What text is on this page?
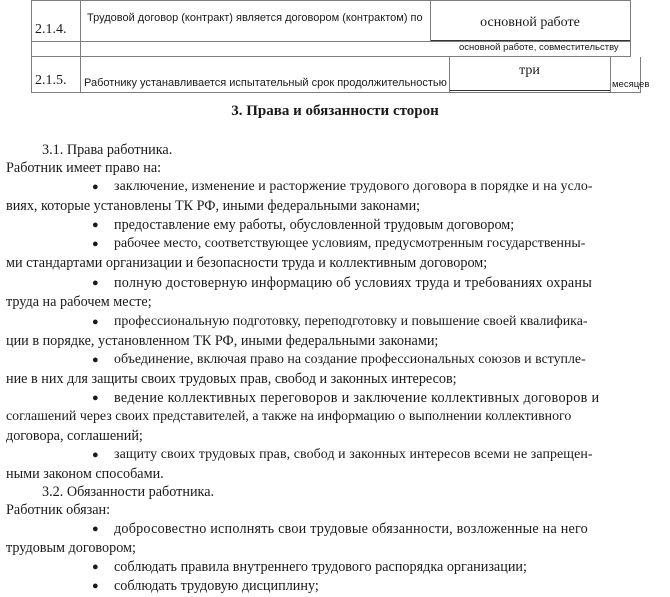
2.1.4.
Трудовой договор (контракт) является договором (контрактом) по	основной работе
основной работе, совместительству
2.1.5. Работнику устанавливается испытательный срок продолжительностью
три
месяцев
3. Права и обязанности сторон
3.1. Права работника.
Работник имеет право на:
● заключение, изменение и расторжение трудового договора в порядке и на усло-
виях, которые установлены ТК РФ, иными федеральными законами;
● предоставление ему работы, обусловленной трудовым договором;
● рабочее место, соответствующее условиям, предусмотренным государственны-
ми стандартами организации и безопасности труда и коллективным договором;
● полную достоверную информацию об условиях труда и требованиях охраны
труда на рабочем месте;
● профессиональную подготовку, переподготовку и повышение своей квалифика-
ции в порядке, установленном ТК РФ, иными федеральными законами;
● объединение, включая право на создание профессиональных союзов и вступле-
ние в них для защиты своих трудовых прав, свобод и законных интересов;
● ведение коллективных переговоров и заключение коллективных договоров и
соглашений через своих представителей, а также на информацию о выполнении коллективного
договора, соглашений;
● защиту своих трудовых прав, свобод и законных интересов всеми не запрещен-
ными законом способами.
3.2. Обязанности работника.
Работник обязан:
● добросовестно исполнять свои трудовые обязанности, возложенные на него
трудовым договором;
● соблюдать правила внутреннего трудового распорядка организации;
● соблюдать трудовую дисциплину;
